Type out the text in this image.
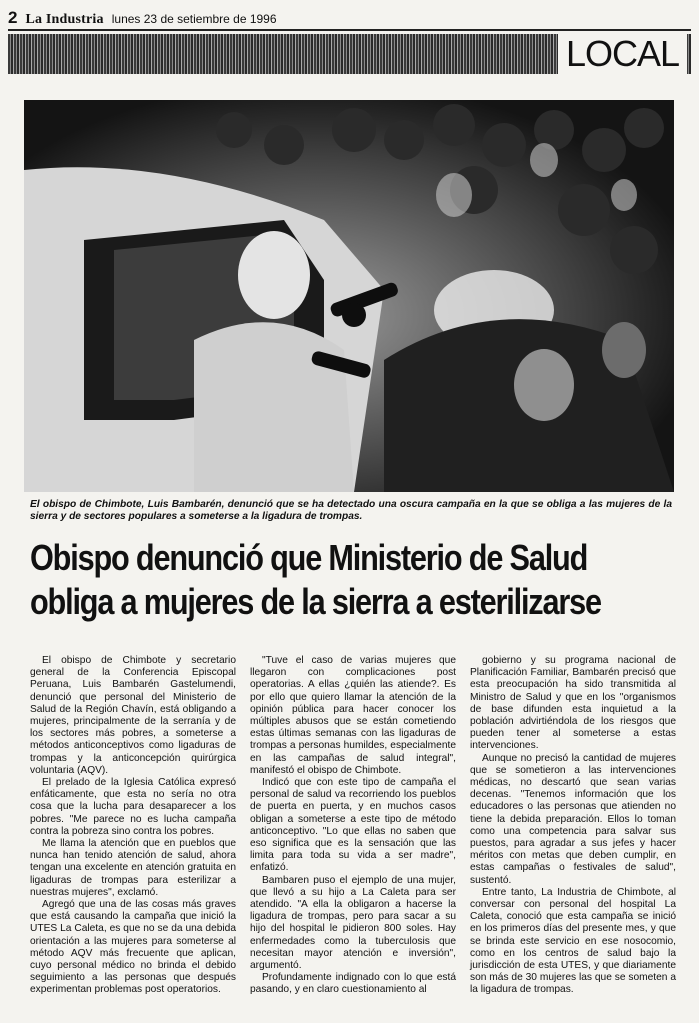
2 La Industria lunes 23 de setiembre de 1996
LOCAL
El obispo de Chimbote, Luis Bambarén, denunció que se ha detectado una oscura campaña en la que se obliga a las mujeres de la sierra y de sectores populares a someterse a la ligadura de trompas.
Obispo denunció que Ministerio de Salud
obliga a mujeres de la sierra a esterilizarse

El obispo de Chimbote y secretario general de la Conferencia Episcopal Peruana, Luis Bambarén Gastelumendi, denunció que personal del Ministerio de Salud de la Región Chavín, está obligando a mujeres, principalmente de la serranía y de los sectores más pobres, a someterse a métodos anticonceptivos como ligaduras de trompas y la anticoncepción quirúrgica voluntaria (AQV).

El prelado de la Iglesia Católica expresó enfáticamente, que esta no sería no otra cosa que la lucha para desaparecer a los pobres. "Me parece no es lucha campaña contra la pobreza sino contra los pobres.

Me llama la atención que en pueblos que nunca han tenido atención de salud, ahora tengan una excelente en atención gratuita en ligaduras de trompas para esterilizar a nuestras mujeres", exclamó.

Agregó que una de las cosas más graves que está causando la campaña que inició la UTES La Caleta, es que no se da una debida orientación a las mujeres para someterse al método AQV más frecuente que aplican, cuyo personal médico no brinda el debido seguimiento a las personas que después experimentan problemas post operatorios.

"Tuve el caso de varias mujeres que llegaron con complicaciones post operatorias. A ellas ¿quién las atiende?. Es por ello que quiero llamar la atención de la opinión pública para hacer conocer los múltiples abusos que se están cometiendo estas últimas semanas con las ligaduras de trompas a personas humildes, especialmente en las campañas de salud integral", manifestó el obispo de Chimbote.

Indicó que con este tipo de campaña el personal de salud va recorriendo los pueblos de puerta en puerta, y en muchos casos obligan a someterse a este tipo de método anticonceptivo. "Lo que ellas no saben que eso significa que es la sensación que las limita para toda su vida a ser madre", enfatizó.

Bambaren puso el ejemplo de una mujer, que llevó a su hijo a La Caleta para ser atendido. "A ella la obligaron a hacerse la ligadura de trompas, pero para sacar a su hijo del hospital le pidieron 800 soles. Hay enfermedades como la tuberculosis que necesitan mayor atención e inversión", argumentó.

Profundamente indignado con lo que está pasando, y en claro cuestionamiento al

gobierno y su programa nacional de Planificación Familiar, Bambarén precisó que esta preocupación ha sido transmitida al Ministro de Salud y que en los "organismos de base difunden esta inquietud a la población advirtiéndola de los riesgos que pueden tener al someterse a estas intervenciones.

Aunque no precisó la cantidad de mujeres que se sometieron a las intervenciones médicas, no descartó que sean varias decenas. "Tenemos información que los educadores o las personas que atienden no tiene la debida preparación. Ellos lo toman como una competencia para salvar sus puestos, para agradar a sus jefes y hacer méritos con metas que deben cumplir, en estas campañas o festivales de salud", sustentó.

Entre tanto, La Industria de Chimbote, al conversar con personal del hospital La Caleta, conoció que esta campaña se inició en los primeros días del presente mes, y que se brinda este servicio en ese nosocomio, como en los centros de salud bajo la jurisdicción de esta UTES, y que diariamente son más de 30 mujeres las que se someten a la ligadura de trompas.
